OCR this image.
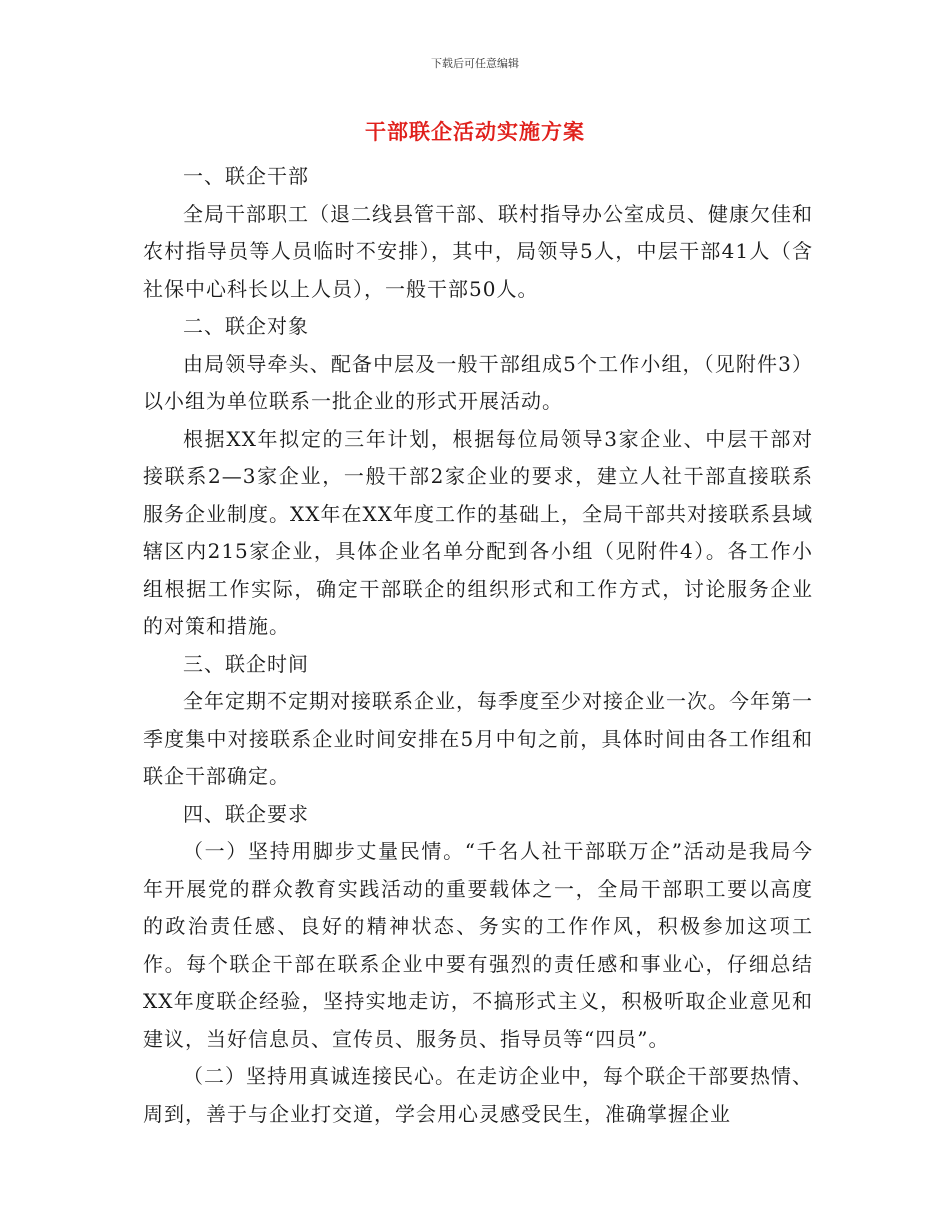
下载后可任意编辑
干部联企活动实施方案

一、联企干部

全局干部职工（退二线县管干部、联村指导办公室成员、健康欠佳和农村指导员等人员临时不安排），其中，局领导5人，中层干部41人（含社保中心科长以上人员），一般干部50人。

二、联企对象

由局领导牵头、配备中层及一般干部组成5个工作小组，（见附件3）以小组为单位联系一批企业的形式开展活动。

根据XX年拟定的三年计划，根据每位局领导3家企业、中层干部对接联系2—3家企业，一般干部2家企业的要求，建立人社干部直接联系服务企业制度。XX年在XX年度工作的基础上，全局干部共对接联系县域辖区内215家企业，具体企业名单分配到各小组（见附件4）。各工作小组根据工作实际，确定干部联企的组织形式和工作方式，讨论服务企业的对策和措施。

三、联企时间

全年定期不定期对接联系企业，每季度至少对接企业一次。今年第一季度集中对接联系企业时间安排在5月中旬之前，具体时间由各工作组和联企干部确定。

四、联企要求

（一）坚持用脚步丈量民情。“千名人社干部联万企”活动是我局今年开展党的群众教育实践活动的重要载体之一，全局干部职工要以高度的政治责任感、良好的精神状态、务实的工作作风，积极参加这项工作。每个联企干部在联系企业中要有强烈的责任感和事业心，仔细总结XX年度联企经验，坚持实地走访，不搞形式主义，积极听取企业意见和建议，当好信息员、宣传员、服务员、指导员等“四员”。

（二）坚持用真诚连接民心。在走访企业中，每个联企干部要热情、周到，善于与企业打交道，学会用心灵感受民生，准确掌握企业
